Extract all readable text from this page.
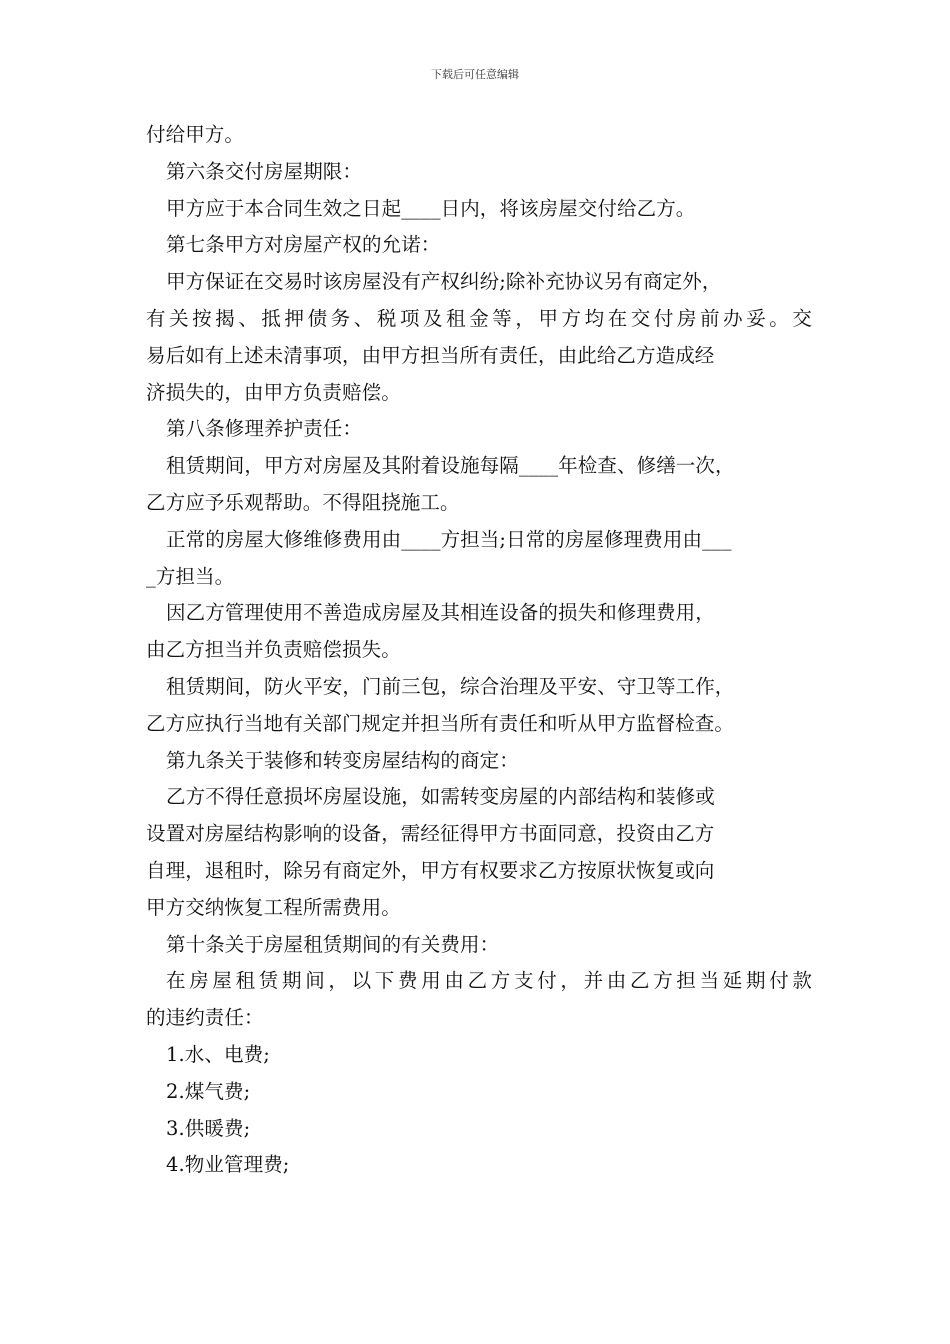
下载后可任意编辑
付给甲方。
第六条交付房屋期限：
甲方应于本合同生效之日起____日内，将该房屋交付给乙方。
第七条甲方对房屋产权的允诺：
甲方保证在交易时该房屋没有产权纠纷;除补充协议另有商定外，
有关按揭、抵押债务、税项及租金等，甲方均在交付房前办妥。交
易后如有上述未清事项，由甲方担当所有责任，由此给乙方造成经
济损失的，由甲方负责赔偿。
第八条修理养护责任：
租赁期间，甲方对房屋及其附着设施每隔____年检查、修缮一次，
乙方应予乐观帮助。不得阻挠施工。
正常的房屋大修维修费用由____方担当;日常的房屋修理费用由___
_方担当。
因乙方管理使用不善造成房屋及其相连设备的损失和修理费用，
由乙方担当并负责赔偿损失。
租赁期间，防火平安，门前三包，综合治理及平安、守卫等工作，
乙方应执行当地有关部门规定并担当所有责任和听从甲方监督检查。
第九条关于装修和转变房屋结构的商定：
乙方不得任意损坏房屋设施，如需转变房屋的内部结构和装修或
设置对房屋结构影响的设备，需经征得甲方书面同意，投资由乙方
自理，退租时，除另有商定外，甲方有权要求乙方按原状恢复或向
甲方交纳恢复工程所需费用。
第十条关于房屋租赁期间的有关费用：
在房屋租赁期间，以下费用由乙方支付，并由乙方担当延期付款
的违约责任：
1.水、电费;
2.煤气费;
3.供暖费;
4.物业管理费;
